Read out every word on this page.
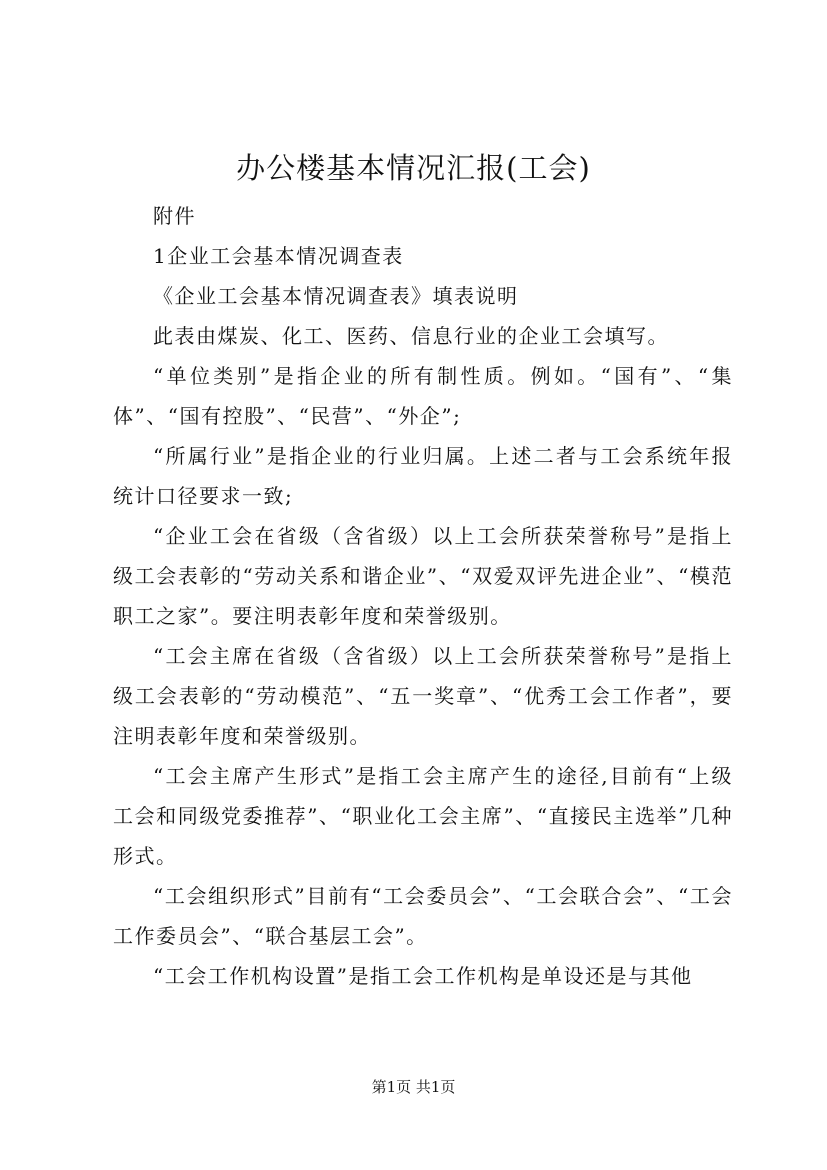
办公楼基本情况汇报(工会)

附件

1企业工会基本情况调查表

《企业工会基本情况调查表》填表说明

此表由煤炭、化工、医药、信息行业的企业工会填写。

“单位类别”是指企业的所有制性质。例如。“国有”、“集体”、“国有控股”、“民营”、“外企”;

“所属行业”是指企业的行业归属。上述二者与工会系统年报统计口径要求一致;

“企业工会在省级（含省级）以上工会所获荣誉称号”是指上级工会表彰的“劳动关系和谐企业”、“双爱双评先进企业”、“模范职工之家”。要注明表彰年度和荣誉级别。

“工会主席在省级（含省级）以上工会所获荣誉称号”是指上级工会表彰的“劳动模范”、“五一奖章”、“优秀工会工作者”，要注明表彰年度和荣誉级别。

“工会主席产生形式”是指工会主席产生的途径,目前有“上级工会和同级党委推荐”、“职业化工会主席”、“直接民主选举”几种形式。

“工会组织形式”目前有“工会委员会”、“工会联合会”、“工会工作委员会”、“联合基层工会”。

“工会工作机构设置”是指工会工作机构是单设还是与其他

第1页 共1页
